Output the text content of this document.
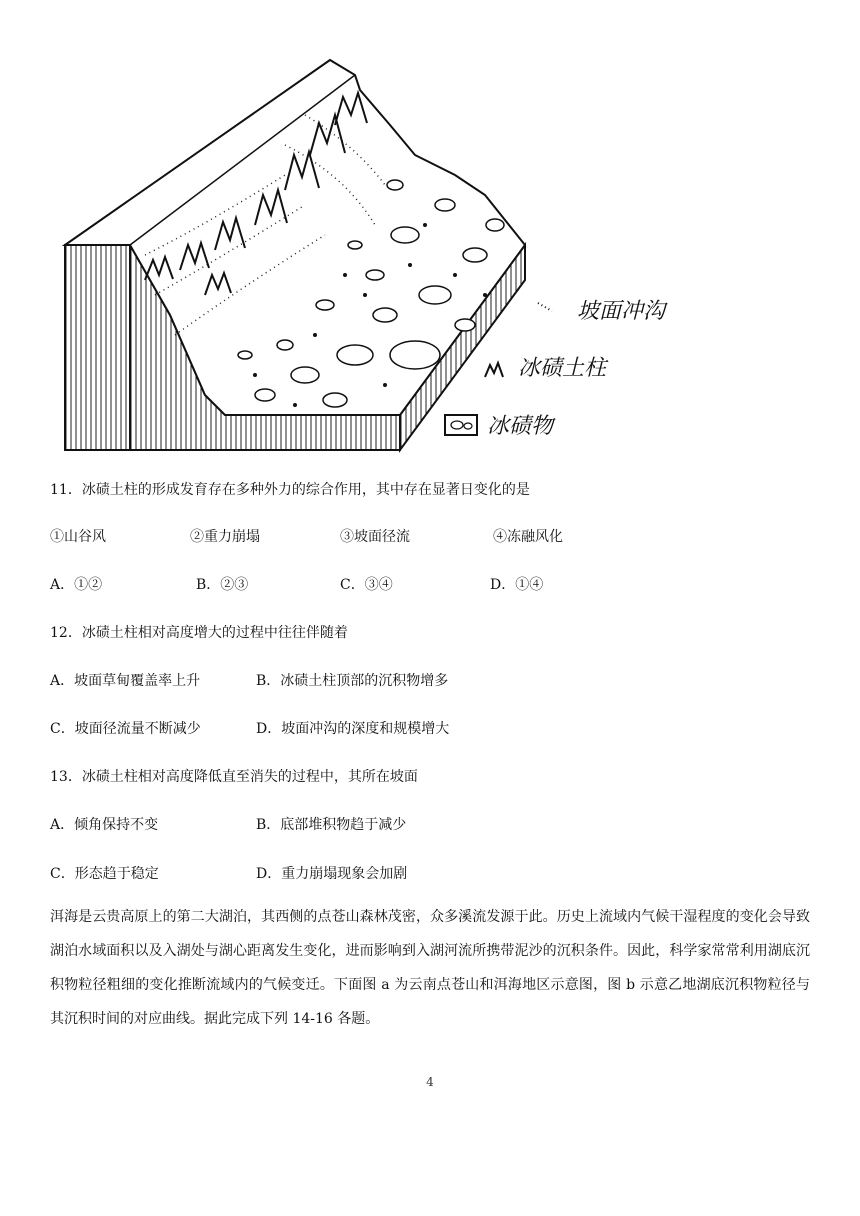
坡面冲沟
冰碛土柱
冰碛物
11．冰碛土柱的形成发育存在多种外力的综合作用，其中存在显著日变化的是
①山谷风	②重力崩塌	③坡面径流	④冻融风化
A．①②	B．②③	C．③④	D．①④
12．冰碛土柱相对高度增大的过程中往往伴随着
A．坡面草甸覆盖率上升	B．冰碛土柱顶部的沉积物增多
C．坡面径流量不断减少	D．坡面冲沟的深度和规模增大
13．冰碛土柱相对高度降低直至消失的过程中，其所在坡面
A．倾角保持不变	B．底部堆积物趋于减少
C．形态趋于稳定	D．重力崩塌现象会加剧
洱海是云贵高原上的第二大湖泊，其西侧的点苍山森林茂密，众多溪流发源于此。历史上流域内气候干湿程度的变化会导致湖泊水域面积以及入湖处与湖心距离发生变化，进而影响到入湖河流所携带泥沙的沉积条件。因此，科学家常常利用湖底沉积物粒径粗细的变化推断流域内的气候变迁。下面图 a 为云南点苍山和洱海地区示意图，图 b 示意乙地湖底沉积物粒径与其沉积时间的对应曲线。据此完成下列 14-16 各题。
4
